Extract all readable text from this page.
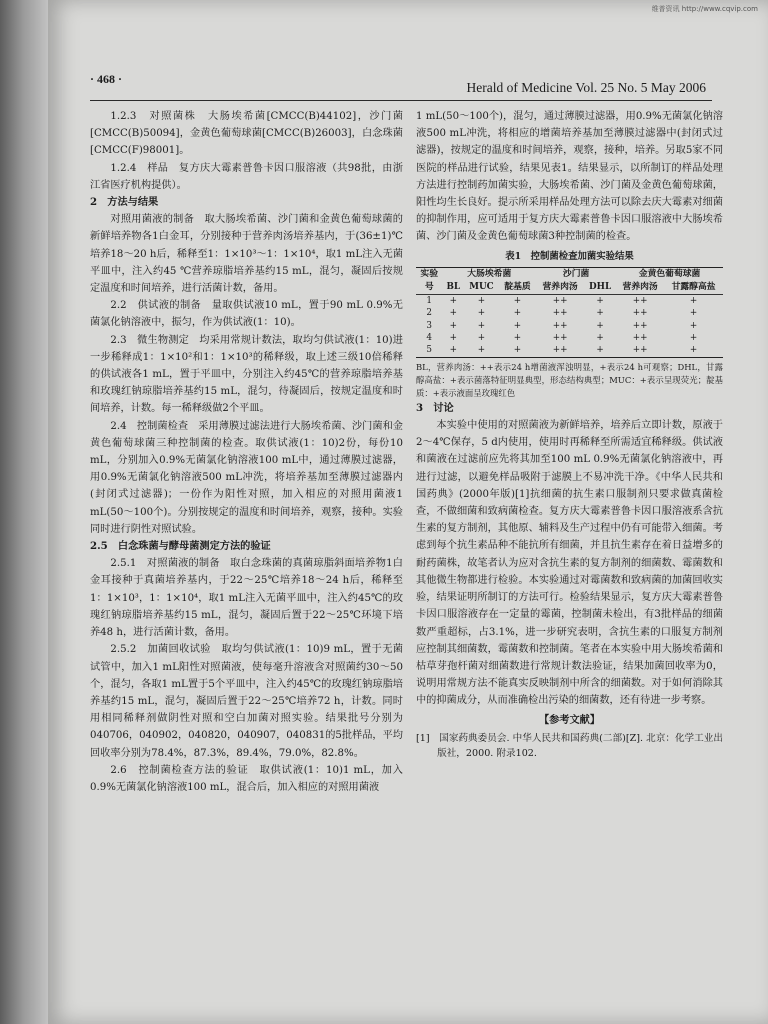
维普资讯 http://www.cqvip.com
· 468 ·
Herald of Medicine Vol. 25 No. 5 May 2006
1.2.3　对照菌株　大肠埃希菌[CMCC(B)44102]，沙门菌[CMCC(B)50094]，金黄色葡萄球菌[CMCC(B)26003]，白念珠菌[CMCC(F)98001]。
1.2.4　样品　复方庆大霉素普鲁卡因口服溶液（共98批，由浙江省医疗机构提供）。
2　方法与结果
对照用菌液的制备　取大肠埃希菌、沙门菌和金黄色葡萄球菌的新鲜培养物各1白金耳，分别接种于营养肉汤培养基内，于(36±1)℃培养18～20 h后，稀释至1：1×10³～1：1×10⁴，取1 mL注入无菌平皿中，注入约45 ℃营养琼脂培养基约15 mL，混匀，凝固后按规定温度和时间培养，进行活菌计数，备用。
2.2　供试液的制备　量取供试液10 mL，置于90 mL 0.9%无菌氯化钠溶液中，振匀，作为供试液(1：10)。
2.3　微生物测定　均采用常规计数法，取均匀供试液(1：10)进一步稀释成1：1×10²和1：1×10³的稀释级，取上述三级10倍稀释的供试液各1 mL，置于平皿中，分别注入约45℃的营养琼脂培养基和玫瑰红钠琼脂培养基约15 mL，混匀，待凝固后，按规定温度和时间培养，计数。每一稀释级做2个平皿。
2.4　控制菌检查　采用薄膜过滤法进行大肠埃希菌、沙门菌和金黄色葡萄球菌三种控制菌的检查。取供试液(1：10)2份，每份10 mL，分别加入0.9%无菌氯化钠溶液100 mL中，通过薄膜过滤器，用0.9%无菌氯化钠溶液500 mL冲洗，将培养基加至薄膜过滤器内(封闭式过滤器)；一份作为阳性对照，加入相应的对照用菌液1 mL(50～100个)。分别按规定的温度和时间培养，观察，接种。实验同时进行阴性对照试验。
2.5　白念珠菌与酵母菌测定方法的验证
2.5.1　对照菌液的制备　取白念珠菌的真菌琼脂斜面培养物1白金耳接种于真菌培养基内，于22～25℃培养18～24 h后，稀释至1：1×10³，1：1×10⁴，取1 mL注入无菌平皿中，注入约45℃的玫瑰红钠琼脂培养基约15 mL，混匀，凝固后置于22～25℃环境下培养48 h，进行活菌计数，备用。
2.5.2　加菌回收试验　取均匀供试液(1：10)9 mL，置于无菌试管中，加入1 mL阳性对照菌液，使每毫升溶液含对照菌约30～50个，混匀，各取1 mL置于5个平皿中，注入约45℃的玫瑰红钠琼脂培养基约15 mL，混匀，凝固后置于22～25℃培养72 h，计数。同时用相同稀释剂做阴性对照和空白加菌对照实验。结果批号分别为040706，040902，040820，040907，040831的5批样品，平均回收率分别为78.4%，87.3%，89.4%，79.0%，82.8%。
2.6　控制菌检查方法的验证　取供试液(1：10)1 mL，加入0.9%无菌氯化钠溶液100 mL，混合后，加入相应的对照用菌液
1 mL(50～100个)，混匀，通过薄膜过滤器，用0.9%无菌氯化钠溶液500 mL冲洗，将相应的增菌培养基加至薄膜过滤器中(封闭式过滤器)，按规定的温度和时间培养，观察，接种，培养。另取5家不同医院的样品进行试验，结果见表1。结果显示，以所制订的样品处理方法进行控制药加菌实验，大肠埃希菌、沙门菌及金黄色葡萄球菌，阳性均生长良好。提示所采用样品处理方法可以除去庆大霉素对细菌的抑制作用，应可适用于复方庆大霉素普鲁卡因口服溶液中大肠埃希菌、沙门菌及金黄色葡萄球菌3种控制菌的检查。
表1　控制菌检查加菌实验结果
实验	大肠埃希菌			沙门菌		金黄色葡萄球菌	
号	BL	MUC	靛基质	营养肉汤	DHL	营养肉汤	甘露醇高盐
1	+	+	+	++	+	++	+
2	+	+	+	++	+	++	+
3	+	+	+	++	+	++	+
4	+	+	+	++	+	++	+
5	+	+	+	++	+	++	+
BL，营养肉汤：++表示24 h增菌液浑浊明显，+表示24 h可观察；DHL，甘露醇高盐：+表示菌落特征明显典型，形态结构典型；MUC：+表示呈现荧光；靛基质：+表示液面呈玫瑰红色
3　讨论
本实验中使用的对照菌液为新鲜培养，培养后立即计数，原液于2～4℃保存，5 d内使用，使用时再稀释至所需适宜稀释级。供试液和菌液在过滤前应先将其加至100 mL 0.9%无菌氯化钠溶液中，再进行过滤，以避免样品吸附于滤膜上不易冲洗干净。《中华人民共和国药典》(2000年版)[1]抗细菌的抗生素口服制剂只要求做真菌检查，不做细菌和致病菌检查。复方庆大霉素普鲁卡因口服溶液系含抗生素的复方制剂，其他原、辅料及生产过程中仍有可能带入细菌。考虑到每个抗生素品种不能抗所有细菌，并且抗生素存在着日益增多的耐药菌株，故笔者认为应对含抗生素的复方制剂的细菌数、霉菌数和其他微生物都进行检验。本实验通过对霉菌数和致病菌的加菌回收实验，结果证明所制订的方法可行。检验结果显示，复方庆大霉素普鲁卡因口服溶液存在一定量的霉菌，控制菌未检出，有3批样品的细菌数严重超标，占3.1%，进一步研究表明，含抗生素的口服复方制剂应控制其细菌数，霉菌数和控制菌。笔者在本实验中用大肠埃希菌和枯草芽孢杆菌对细菌数进行常规计数法验证，结果加菌回收率为0，说明用常规方法不能真实反映制剂中所含的细菌数。对于如何消除其中的抑菌成分，从而准确检出污染的细菌数，还有待进一步考察。
【参考文献】
[1]　国家药典委员会. 中华人民共和国药典(二部)[Z]. 北京：化学工业出版社，2000. 附录102.
